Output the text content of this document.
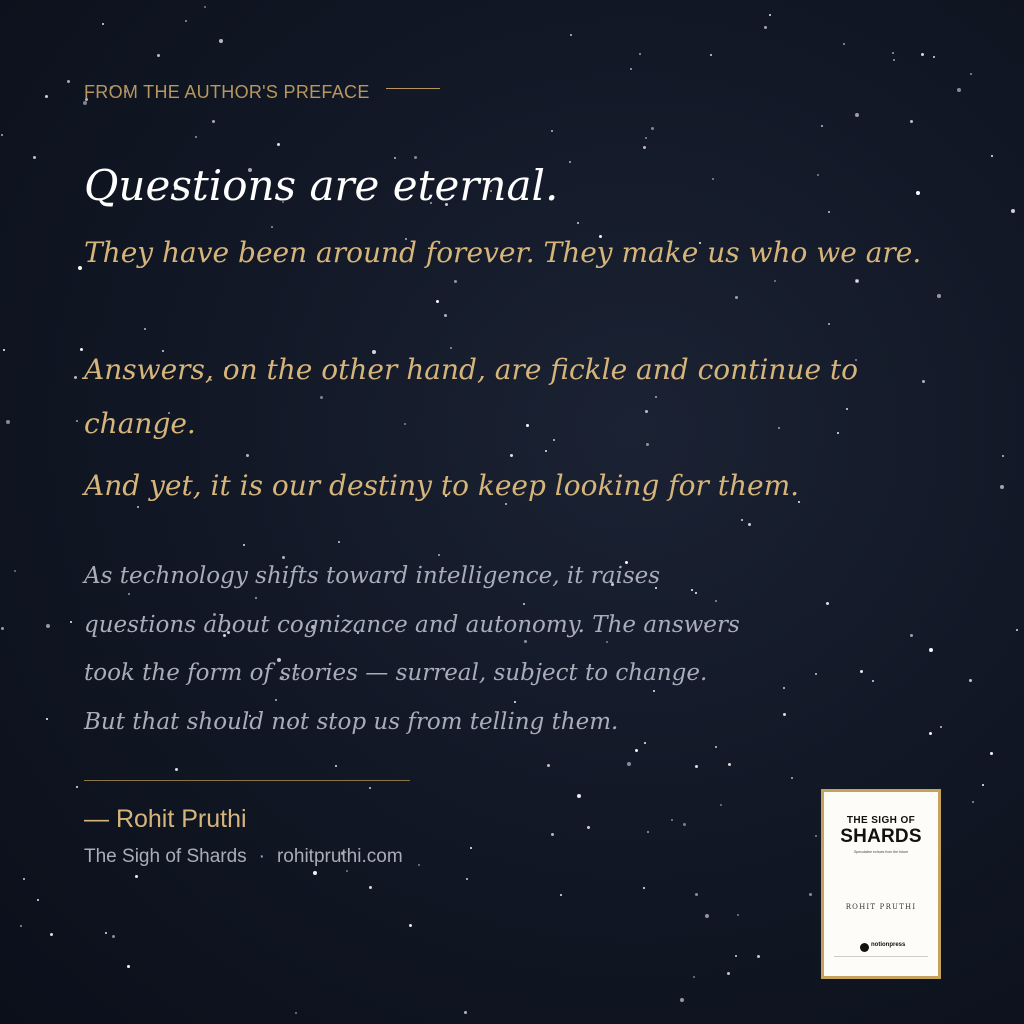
FROM THE AUTHOR'S PREFACE

Questions are eternal.

They have been around forever. They make us who we are.

Answers, on the other hand, are fickle and continue to change.

And yet, it is our destiny to keep looking for them.

As technology shifts toward intelligence, it raises
questions about cognizance and autonomy. The answers
took the form of stories — surreal, subject to change.
But that should not stop us from telling them.

— Rohit Pruthi

The Sigh of Shards · rohitpruthi.com

THE SIGH OF
SHARDS
Speculative echoes from the future
ROHIT PRUTHI
notionpress
